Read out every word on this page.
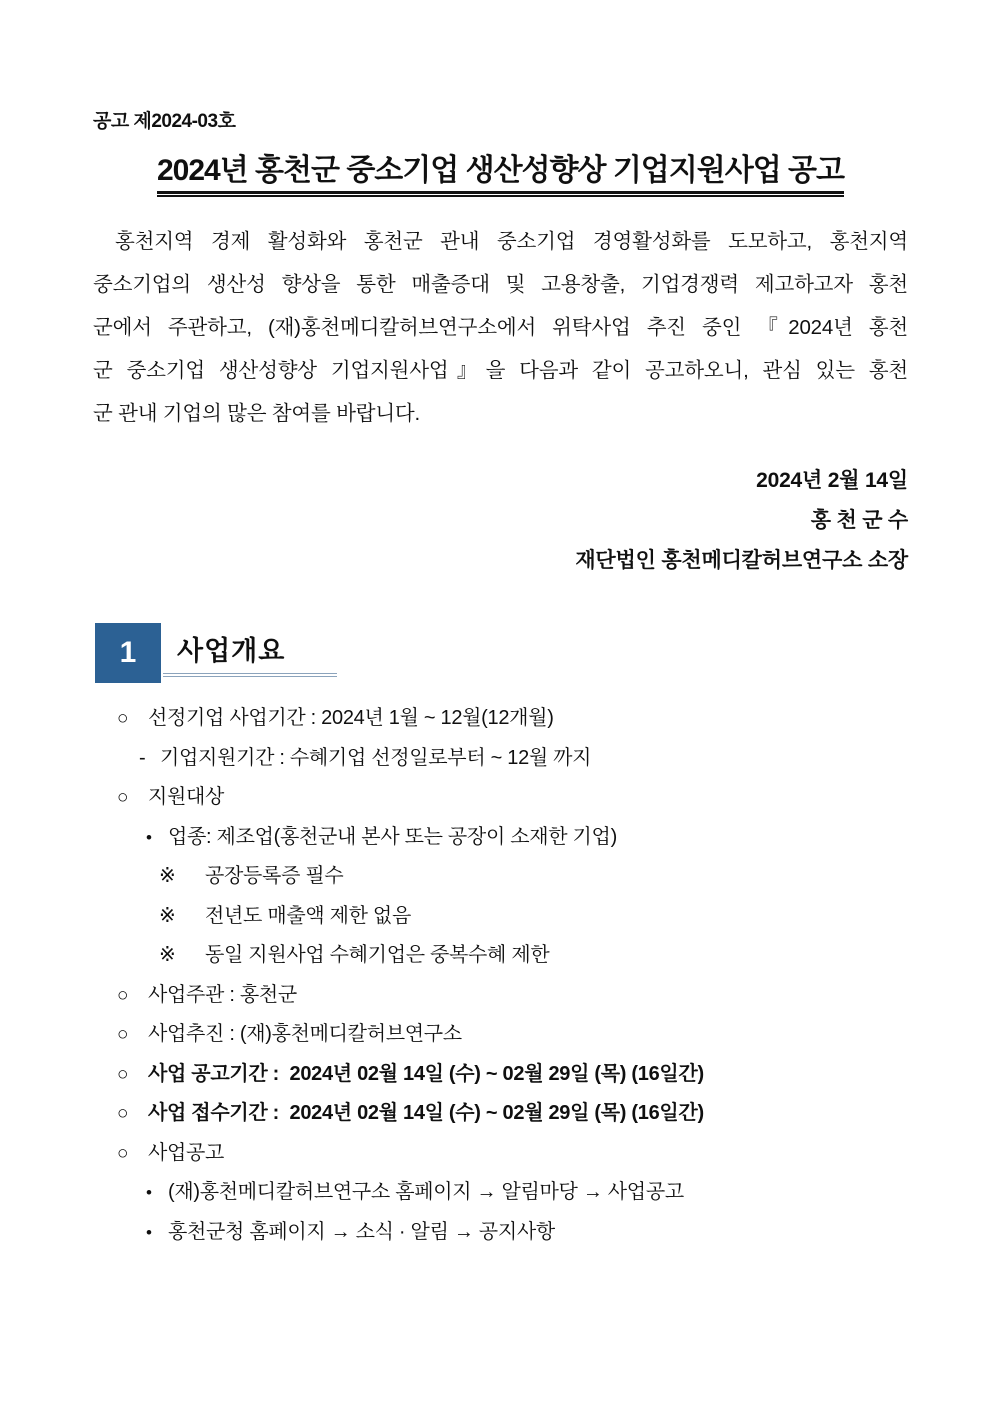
공고 제2024-03호
2024년 홍천군 중소기업 생산성향상 기업지원사업 공고
홍천지역 경제 활성화와 홍천군 관내 중소기업 경영활성화를 도모하고, 홍천지역
중소기업의 생산성 향상을 통한 매출증대 및 고용창출, 기업경쟁력 제고하고자 홍천
군에서 주관하고, (재)홍천메디칼허브연구소에서 위탁사업 추진 중인 『2024년 홍천
군 중소기업 생산성향상 기업지원사업』을 다음과 같이 공고하오니, 관심 있는 홍천
군 관내 기업의 많은 참여를 바랍니다.
2024년 2월 14일
홍 천 군 수
재단법인 홍천메디칼허브연구소 소장
1	사업개요
○ 선정기업 사업기간 : 2024년 1월 ~ 12월(12개월)
- 기업지원기간 : 수혜기업 선정일로부터 ~ 12월 까지
○ 지원대상
• 업종: 제조업(홍천군내 본사 또는 공장이 소재한 기업)
※	공장등록증 필수
※	전년도 매출액 제한 없음
※	동일 지원사업 수혜기업은 중복수혜 제한
○ 사업주관 : 홍천군
○ 사업추진 : (재)홍천메디칼허브연구소
○ 사업 공고기간 :  2024년 02월 14일 (수) ~ 02월 29일 (목) (16일간)
○ 사업 접수기간 :  2024년 02월 14일 (수) ~ 02월 29일 (목) (16일간)
○ 사업공고
• (재)홍천메디칼허브연구소 홈페이지 → 알림마당 → 사업공고
• 홍천군청 홈페이지 → 소식 · 알림 → 공지사항
